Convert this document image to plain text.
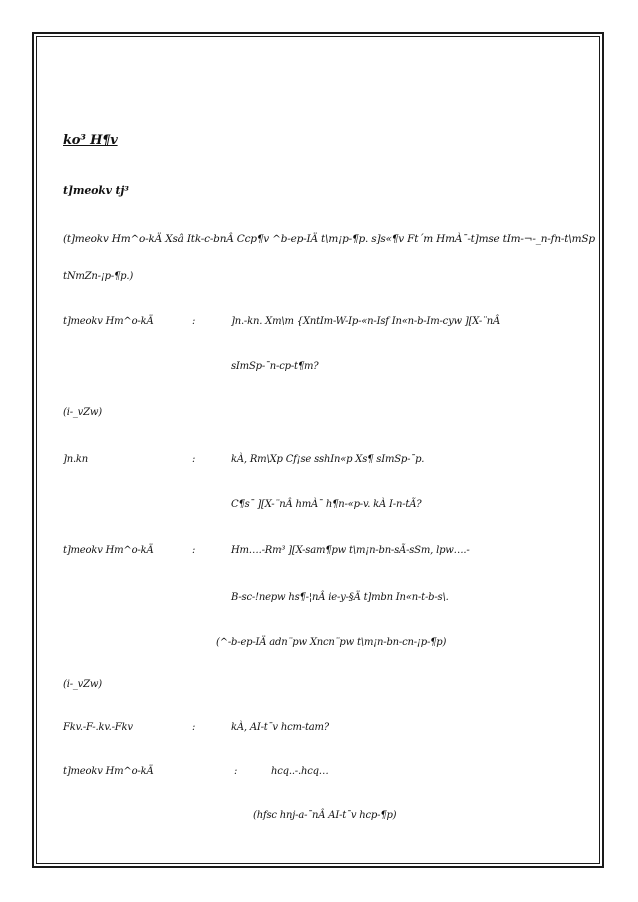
ko³ H¶v
t]meokv tj³
(t]meokv Hm^o-kÄ Xsâ Itk-c-bnÂ Ccp¶v ^b-ep-IÄ t\m¡p-¶p. s]s«¶v Ft´m HmÀ¯-t]mse tIm-¬-_n-fn-t\mSp
tNmZn-¡p-¶p.)
t]meokv Hm^o-kÄ	:	]n.-kn. Xm\m {XntIm-W-Ip-«n-Isf In«n-b-Im-cyw ][X-¨nÂ
sImSp-¯n-cp-t¶m?
(i-_vZw)
]n.kn	:	kÀ, Rm\Xp Cf¡se sshIn«p Xs¶ sImSp-¯p.
C¶s¯ ][X-¨nÂ hmÀ¯ h¶n-«p-v. kÀ I-n-tÃ?
t]meokv Hm^o-kÄ	:	Hm….-Rm³ ][X-sam¶pw t\m¡n-bn-sÃ-sSm, lpw….-
B-sc-!nepw hs¶-¦nÂ ie-y-§Ä t]mbn In«n-t-b-s\.
(^-b-ep-IÄ adn¨pw Xncn¨pw t\m¡n-bn-cn-¡p-¶p)
(i-_vZw)
Fkv.-F-.kv.-Fkv	:	kÀ, AI-t¯v hcm-tam?
t]meokv Hm^o-kÄ	:	hcq..-.hcq…
(hfsc hnj-a-¯nÂ AI-t¯v hcp-¶p)
